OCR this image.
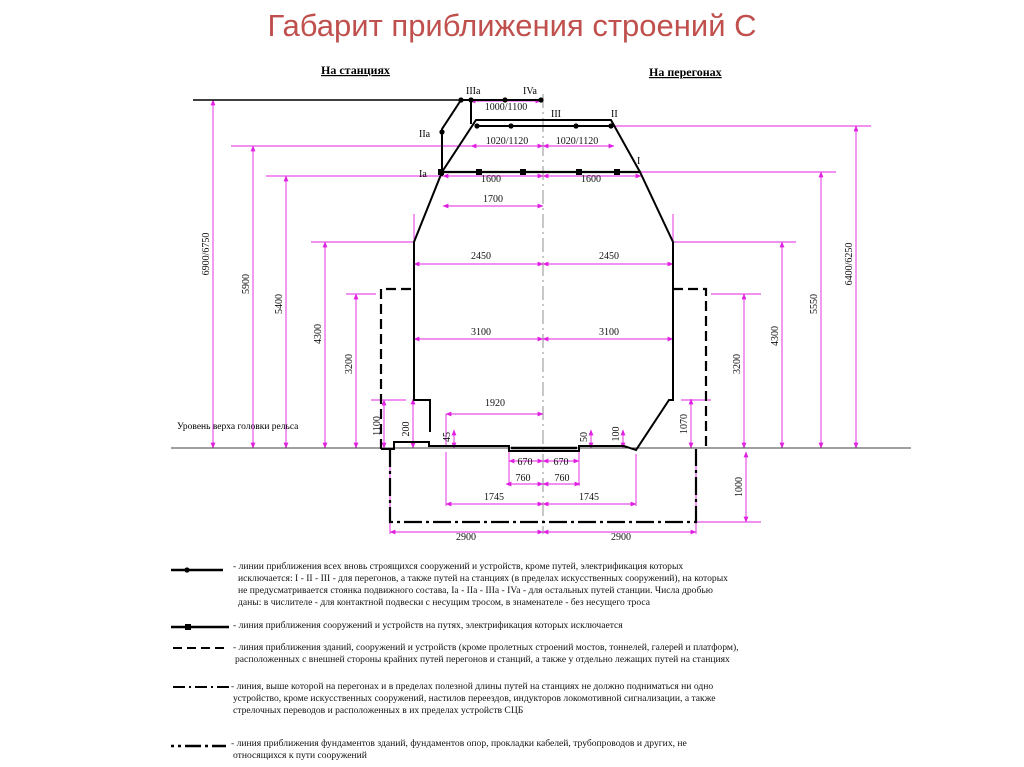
Габарит приближения строений С
На станциях	На перегонах
Уровень верха головки рельса
IIIa	IVa
III	II
IIa
Ia
I
1000/1100
1020/1120	1020/1120
1600	1600
1700
2450	2450
3100	3100
1920
670 670
760 760
1745	1745
2900	2900
6900/6750
5900
5400
4300
3200
1100 200
45	50 100	1070
3200
4300
5550
6400/6250
1000
- линии приближения всех вновь строящихся сооружений и устройств, кроме путей, электрификация которых
исключается: I - II - III - для перегонов, а также путей на станциях (в пределах искусственных сооружений), на которых
не предусматривается стоянка подвижного состава, Ia - IIa - IIIa - IVa - для остальных путей станции. Числа дробью
даны: в числителе - для контактной подвески с несущим тросом, в знаменателе - без несущего троса
- линия приближения сооружений и устройств на путях, электрификация которых исключается
- линия приближения зданий, сооружений и устройств (кроме пролетных строений мостов, тоннелей, галерей и платформ),
расположенных с внешней стороны крайних путей перегонов и станций, а также у отдельно лежащих путей на станциях
- линия, выше которой на перегонах и в пределах полезной длины путей на станциях не должно подниматься ни одно
устройство, кроме искусственных сооружений, настилов переездов, индукторов локомотивной сигнализации, а также
стрелочных переводов и расположенных в их пределах устройств СЦБ
- линия приближения фундаментов зданий, фундаментов опор, прокладки кабелей, трубопроводов и других, не
относящихся к пути сооружений
